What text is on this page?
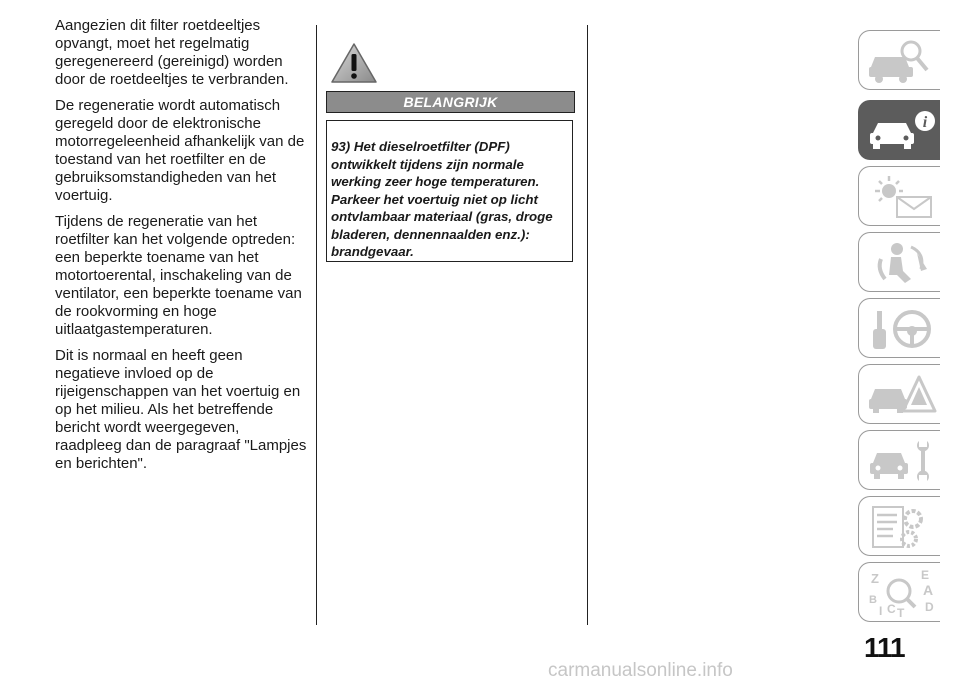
Aangezien dit filter roetdeeltjes opvangt, moet het regelmatig geregenereerd (gereinigd) worden door de roetdeeltjes te verbranden.

De regeneratie wordt automatisch geregeld door de elektronische motorregeleenheid afhankelijk van de toestand van het roetfilter en de gebruiksomstandigheden van het voertuig.

Tijdens de regeneratie van het roetfilter kan het volgende optreden: een beperkte toename van het motortoerental, inschakeling van de ventilator, een beperkte toename van de rookvorming en hoge uitlaatgastemperaturen.

Dit is normaal en heeft geen negatieve invloed op de rijeigenschappen van het voertuig en op het milieu. Als het betreffende bericht wordt weergegeven, raadpleeg dan de paragraaf "Lampjes en berichten".

BELANGRIJK
93) Het dieselroetfilter (DPF) ontwikkelt tijdens zijn normale werking zeer hoge temperaturen. Parkeer het voertuig niet op licht ontvlambaar materiaal (gras, droge bladeren, dennennaalden enz.): brandgevaar.
i
Z	E
A
B	D
I C T
111
carmanualsonline.info
